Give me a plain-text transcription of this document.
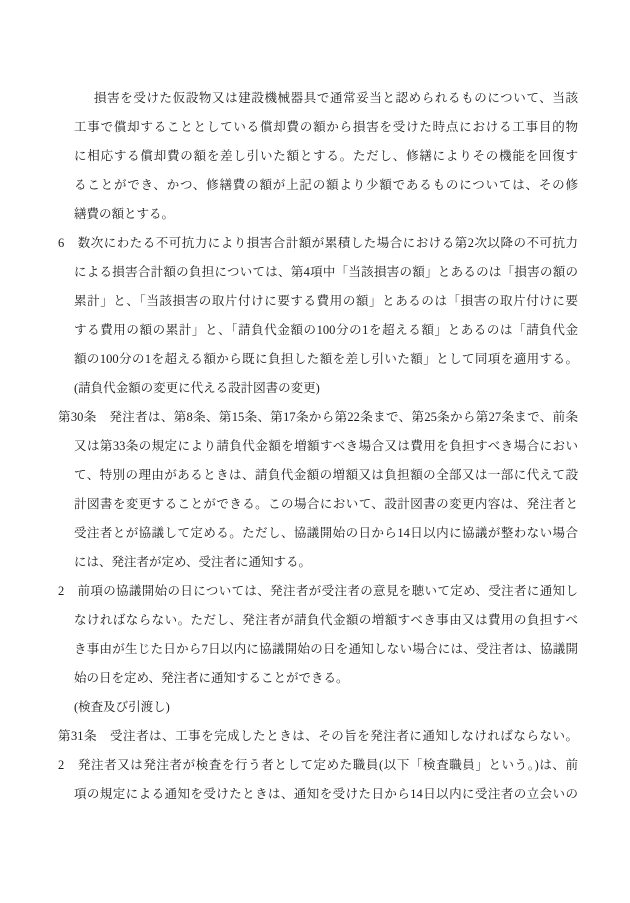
損害を受けた仮設物又は建設機械器具で通常妥当と認められるものについて、当該
工事で償却することとしている償却費の額から損害を受けた時点における工事目的物
に相応する償却費の額を差し引いた額とする。ただし、修繕によりその機能を回復す
ることができ、かつ、修繕費の額が上記の額より少額であるものについては、その修
繕費の額とする。
6　数次にわたる不可抗力により損害合計額が累積した場合における第2次以降の不可抗力
による損害合計額の負担については、第4項中「当該損害の額」とあるのは「損害の額の
累計」と、「当該損害の取片付けに要する費用の額」とあるのは「損害の取片付けに要
する費用の額の累計」と、「請負代金額の100分の1を超える額」とあるのは「請負代金
額の100分の1を超える額から既に負担した額を差し引いた額」として同項を適用する。
(請負代金額の変更に代える設計図書の変更)
第30条　発注者は、第8条、第15条、第17条から第22条まで、第25条から第27条まで、前条
又は第33条の規定により請負代金額を増額すべき場合又は費用を負担すべき場合におい
て、特別の理由があるときは、請負代金額の増額又は負担額の全部又は一部に代えて設
計図書を変更することができる。この場合において、設計図書の変更内容は、発注者と
受注者とが協議して定める。ただし、協議開始の日から14日以内に協議が整わない場合
には、発注者が定め、受注者に通知する。
2　前項の協議開始の日については、発注者が受注者の意見を聴いて定め、受注者に通知し
なければならない。ただし、発注者が請負代金額の増額すべき事由又は費用の負担すべ
き事由が生じた日から7日以内に協議開始の日を通知しない場合には、受注者は、協議開
始の日を定め、発注者に通知することができる。
(検査及び引渡し)
第31条　受注者は、工事を完成したときは、その旨を発注者に通知しなければならない。
2　発注者又は発注者が検査を行う者として定めた職員(以下「検査職員」という。)は、前
項の規定による通知を受けたときは、通知を受けた日から14日以内に受注者の立会いの
